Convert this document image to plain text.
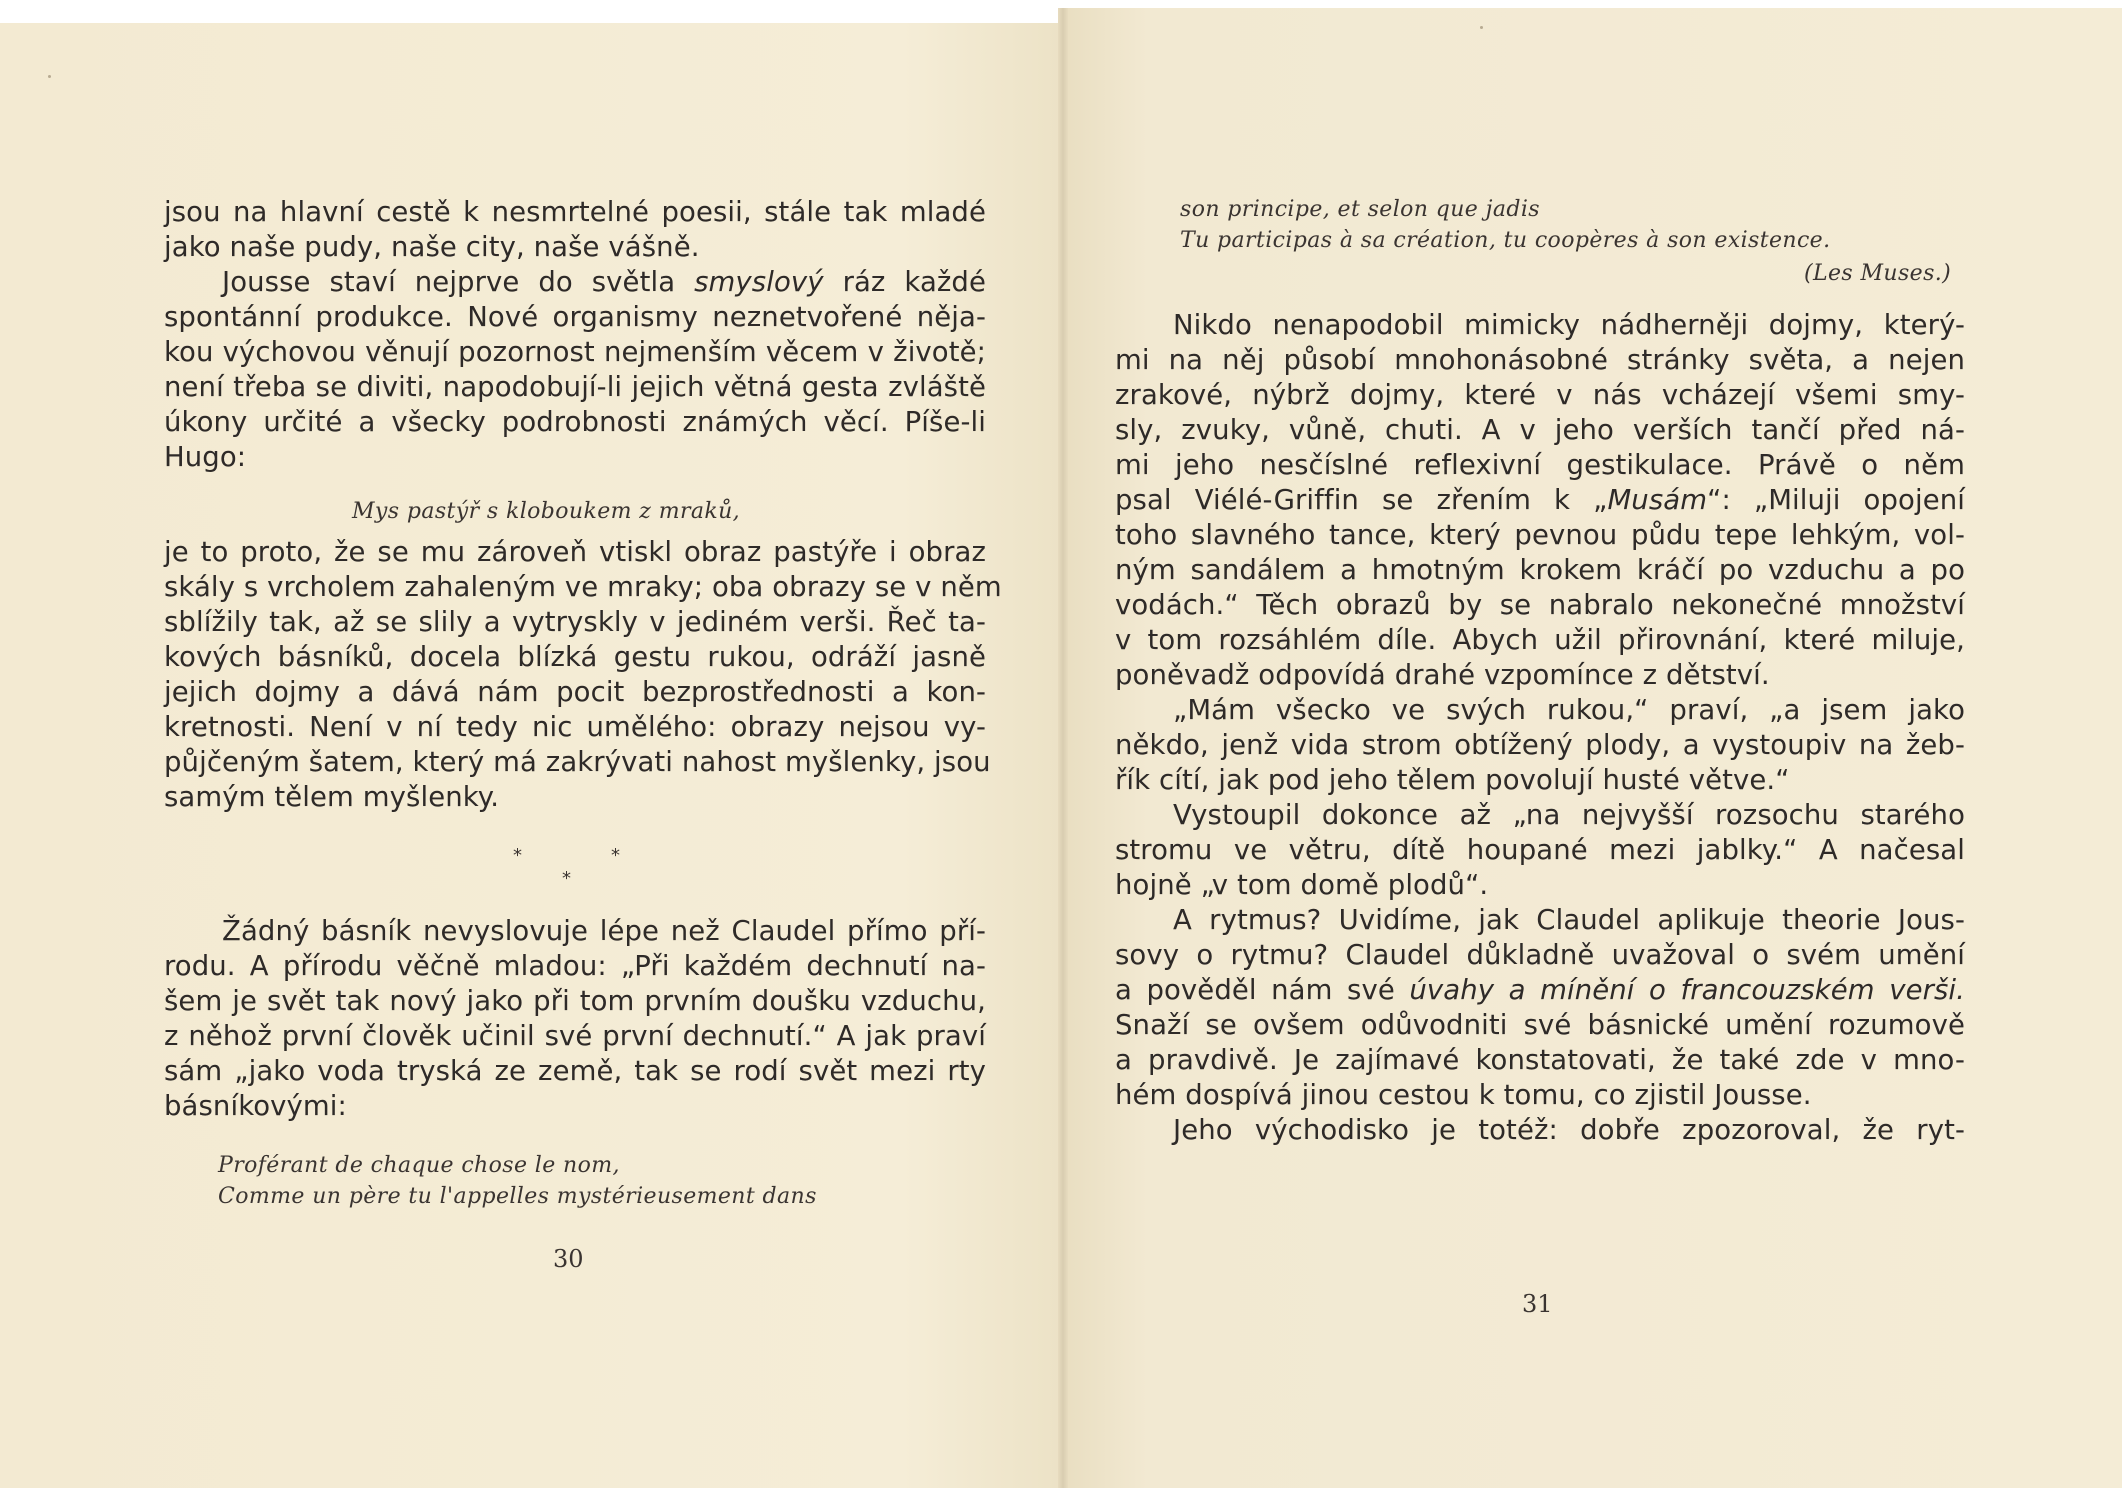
jsou na hlavní cestě k nesmrtelné poesii, stále tak mladé
jako naše pudy, naše city, naše vášně.
Jousse staví nejprve do světla smyslový ráz každé
spontánní produkce. Nové organismy neznetvořené něja-
kou výchovou věnují pozornost nejmenším věcem v životě;
není třeba se diviti, napodobují-li jejich větná gesta zvláště
úkony určité a všecky podrobnosti známých věcí. Píše-li
Hugo:
Mys pastýř s kloboukem z mraků,
je to proto, že se mu zároveň vtiskl obraz pastýře i obraz
skály s vrcholem zahaleným ve mraky; oba obrazy se v něm
sblížily tak, až se slily a vytryskly v jediném verši. Řeč ta-
kových básníků, docela blízká gestu rukou, odráží jasně
jejich dojmy a dává nám pocit bezprostřednosti a kon-
kretnosti. Není v ní tedy nic umělého: obrazy nejsou vy-
půjčeným šatem, který má zakrývati nahost myšlenky, jsou
samým tělem myšlenky.
*	*
*
Žádný básník nevyslovuje lépe než Claudel přímo pří-
rodu. A přírodu věčně mladou: „Při každém dechnutí na-
šem je svět tak nový jako při tom prvním doušku vzduchu,
z něhož první člověk učinil své první dechnutí.“ A jak praví
sám „jako voda tryská ze země, tak se rodí svět mezi rty
básníkovými:
Proférant de chaque chose le nom,
Comme un père tu l'appelles mystérieusement dans
30
son principe, et selon que jadis
Tu participas à sa création, tu coopères à son existence.
(Les Muses.)
Nikdo nenapodobil mimicky nádherněji dojmy, který-
mi na něj působí mnohonásobné stránky světa, a nejen
zrakové, nýbrž dojmy, které v nás vcházejí všemi smy-
sly, zvuky, vůně, chuti. A v jeho verších tančí před ná-
mi jeho nesčíslné reflexivní gestikulace. Právě o něm
psal Viélé-Griffin se zřením k „Musám“: „Miluji opojení
toho slavného tance, který pevnou půdu tepe lehkým, vol-
ným sandálem a hmotným krokem kráčí po vzduchu a po
vodách.“ Těch obrazů by se nabralo nekonečné množství
v tom rozsáhlém díle. Abych užil přirovnání, které miluje,
poněvadž odpovídá drahé vzpomínce z dětství.
„Mám všecko ve svých rukou,“ praví, „a jsem jako
někdo, jenž vida strom obtížený plody, a vystoupiv na žeb-
řík cítí, jak pod jeho tělem povolují husté větve.“
Vystoupil dokonce až „na nejvyšší rozsochu starého
stromu ve větru, dítě houpané mezi jablky.“ A načesal
hojně „v tom domě plodů“.
A rytmus? Uvidíme, jak Claudel aplikuje theorie Jous-
sovy o rytmu? Claudel důkladně uvažoval o svém umění
a pověděl nám své úvahy a mínění o francouzském verši.
Snaží se ovšem odůvodniti své básnické umění rozumově
a pravdivě. Je zajímavé konstatovati, že také zde v mno-
hém dospívá jinou cestou k tomu, co zjistil Jousse.
Jeho východisko je totéž: dobře zpozoroval, že ryt-
31
